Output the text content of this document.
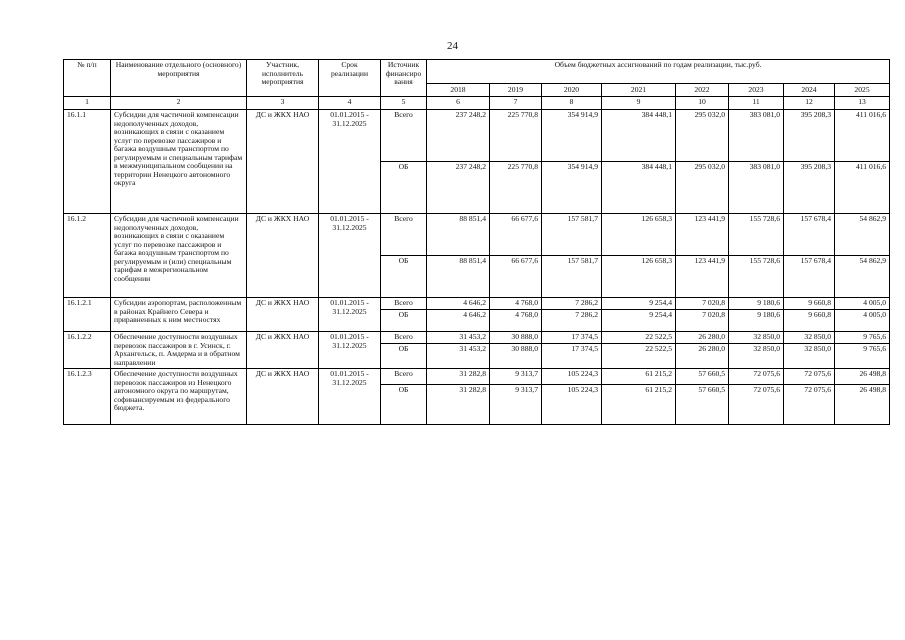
24
№ п/п	Наименование отдельного (основного) мероприятия	Участник, исполнитель мероприятия	Срок реализации	Источник финансиро вания	Объем бюджетных ассигнований по годам реализации, тыс.руб.							
					2018	2019	2020	2021	2022	2023	2024	2025
1	2	3	4	5	6	7	8	9	10	11	12	13
16.1.1	Субсидии для частичной компенсации недополученных доходов, возникающих в связи с оказанием услуг по перевозке пассажиров и багажа воздушным транспортом по регулируемым и специальным тарифам в межмуниципальном сообщении на территории Ненецкого автономного округа	ДС и ЖКХ НАО	01.01.2015 - 31.12.2025	Всего	237 248,2	225 770,8	354 914,9	384 448,1	295 032,0	383 081,0	395 208,3	411 016,6
				ОБ	237 248,2	225 770,8	354 914,9	384 448,1	295 032,0	383 081,0	395 208,3	411 016,6
16.1.2	Субсидии для частичной компенсации недополученных доходов, возникающих в связи с оказанием услуг по перевозке пассажиров и багажа воздушным транспортом по регулируемым и (или) специальным тарифам в межрегиональном сообщении	ДС и ЖКХ НАО	01.01.2015 - 31.12.2025	Всего	88 851,4	66 677,6	157 581,7	126 658,3	123 441,9	155 728,6	157 678,4	54 862,9
				ОБ	88 851,4	66 677,6	157 581,7	126 658,3	123 441,9	155 728,6	157 678,4	54 862,9
16.1.2.1	Субсидии аэропортам, расположенным в районах Крайнего Севера и приравненных к ним местностях	ДС и ЖКХ НАО	01.01.2015 - 31.12.2025	Всего	4 646,2	4 768,0	7 286,2	9 254,4	7 020,8	9 180,6	9 660,8	4 005,0
				ОБ	4 646,2	4 768,0	7 286,2	9 254,4	7 020,8	9 180,6	9 660,8	4 005,0
16.1.2.2	Обеспечение доступности воздушных перевозок пассажиров в г. Усинск, г. Архангельск, п. Амдерма и в обратном направлении	ДС и ЖКХ НАО	01.01.2015 - 31.12.2025	Всего	31 453,2	30 888,0	17 374,5	22 522,5	26 280,0	32 850,0	32 850,0	9 765,6
				ОБ	31 453,2	30 888,0	17 374,5	22 522,5	26 280,0	32 850,0	32 850,0	9 765,6
16.1.2.3	Обеспечение доступности воздушных перевозок пассажиров из Ненецкого автономного округа по маршрутам, софинансируемым из федерального бюджета.	ДС и ЖКХ НАО	01.01.2015 - 31.12.2025	Всего	31 282,8	9 313,7	105 224,3	61 215,2	57 660,5	72 075,6	72 075,6	26 498,8
				ОБ	31 282,8	9 313,7	105 224,3	61 215,2	57 660,5	72 075,6	72 075,6	26 498,8
